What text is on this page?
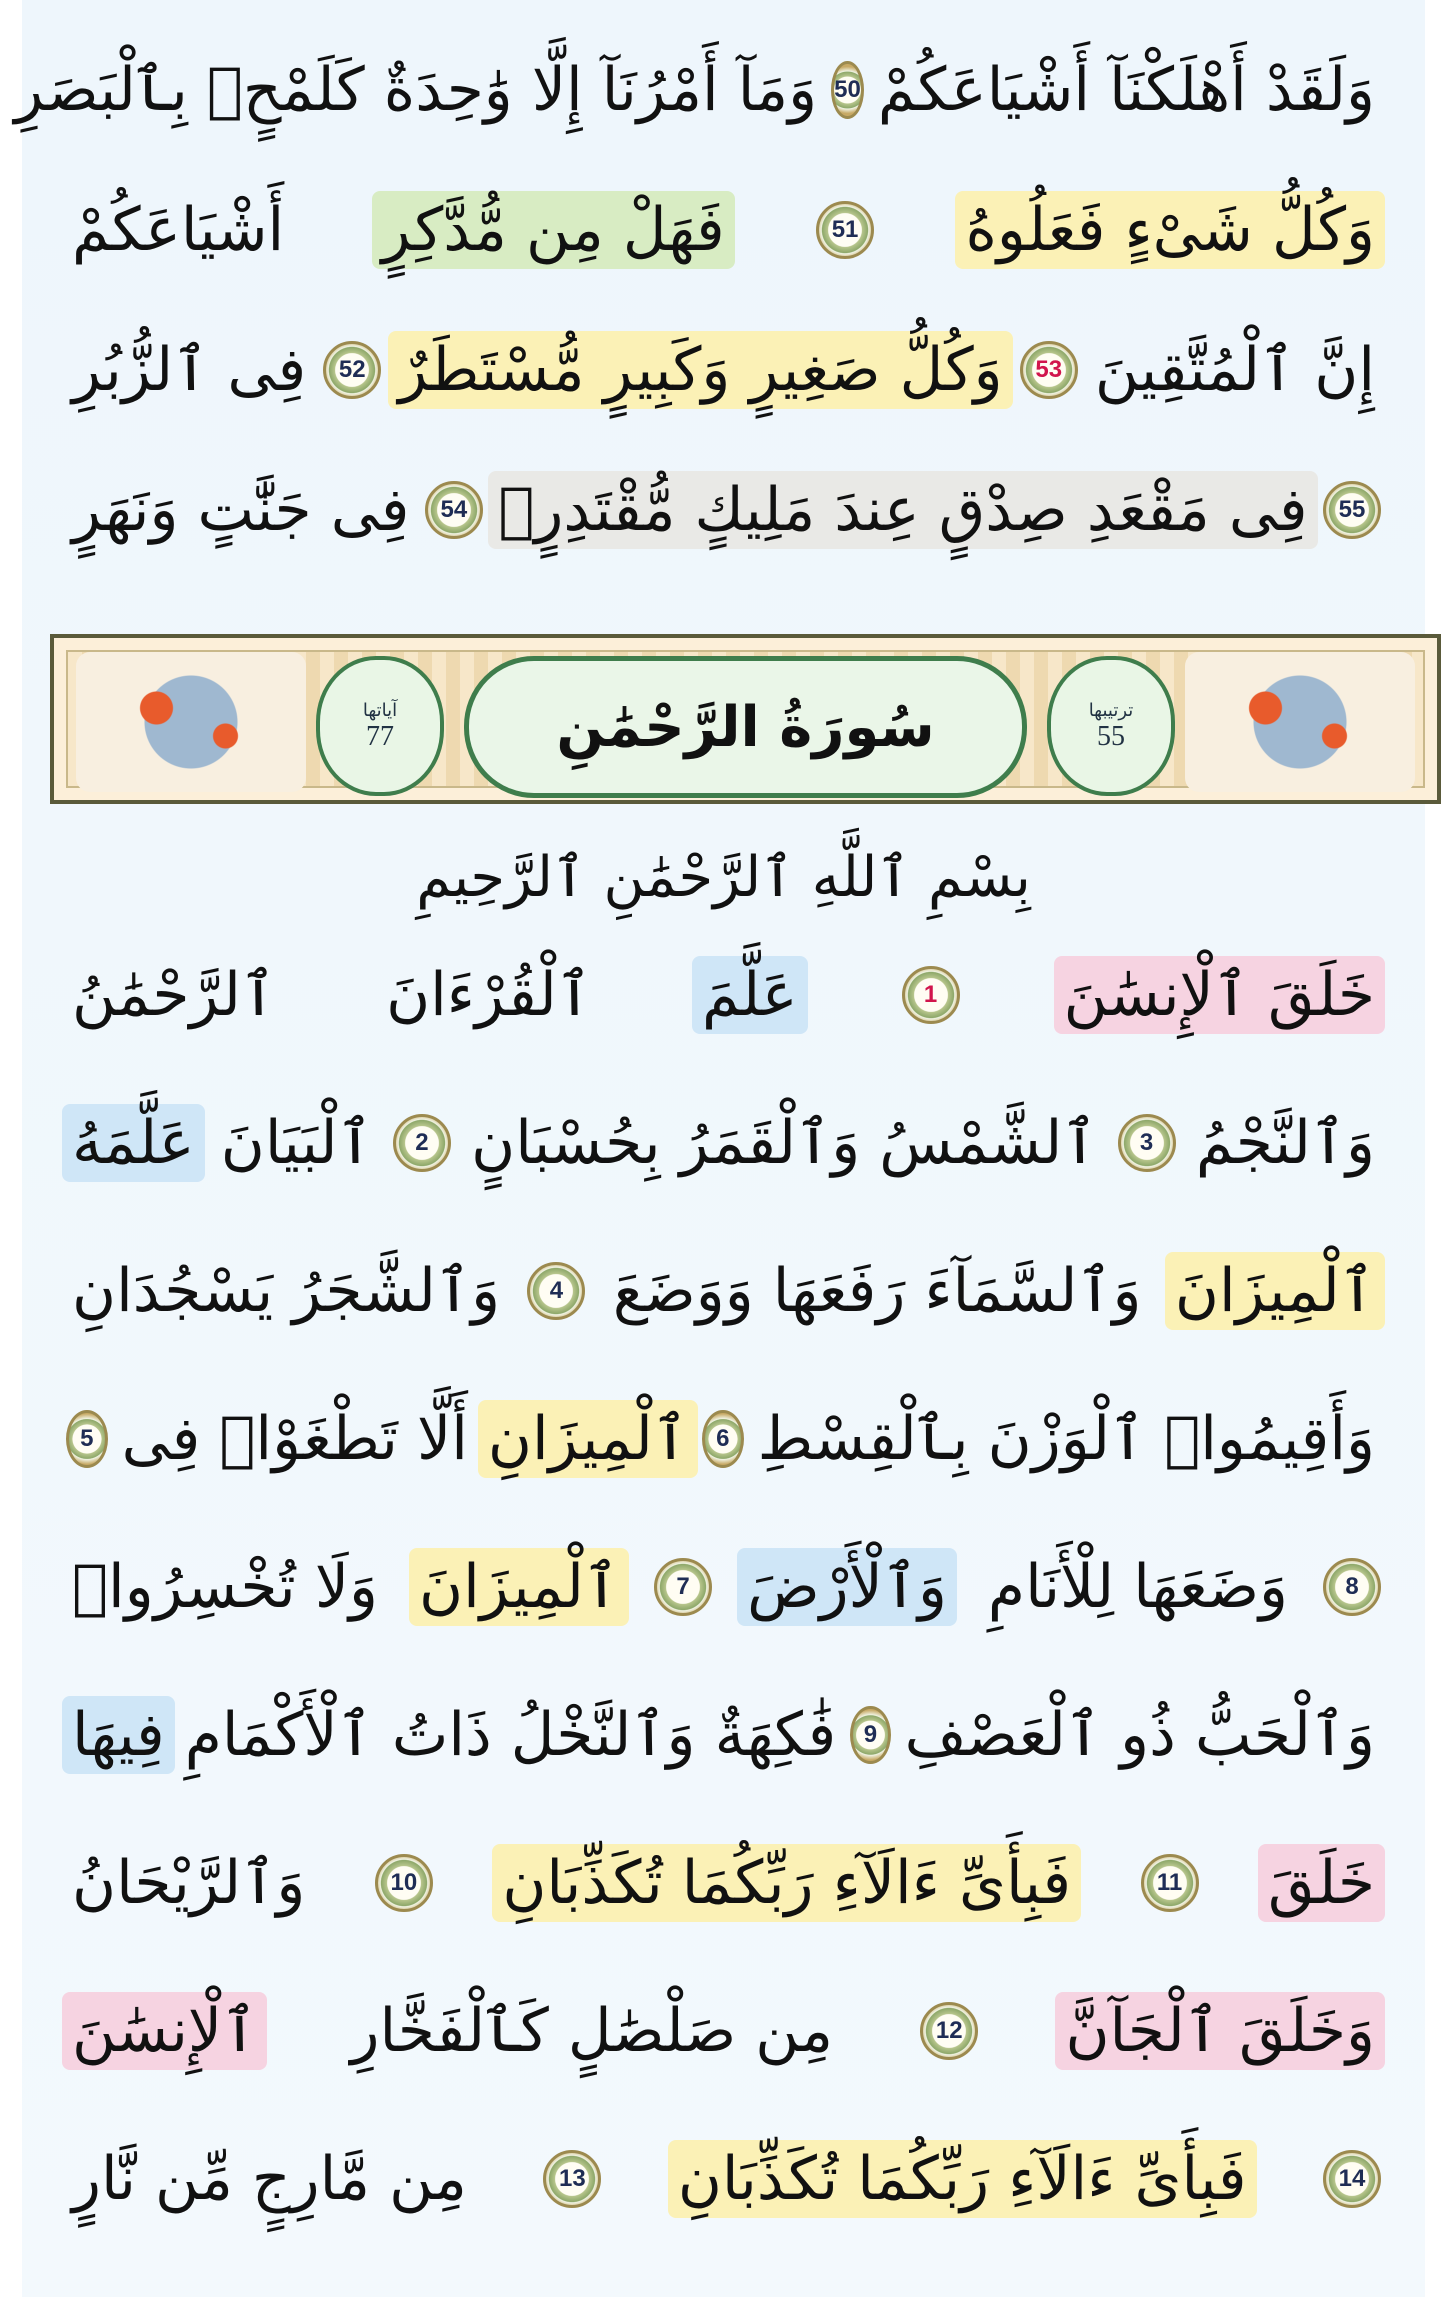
وَلَقَدْ أَهْلَكْنَآ أَشْيَاعَكُمْ
50
وَمَآ أَمْرُنَآ إِلَّا وَٰحِدَةٌ كَلَمْحٍۭ بِٱلْبَصَرِ
وَكُلُّ شَىْءٍ فَعَلُوهُ
51
فَهَلْ مِن مُّدَّكِرٍ
أَشْيَاعَكُمْ
إِنَّ ٱلْمُتَّقِينَ
53
وَكُلُّ صَغِيرٍ وَكَبِيرٍ مُّسْتَطَرٌ
52
فِى ٱلزُّبُرِ
55
فِى مَقْعَدِ صِدْقٍ عِندَ مَلِيكٍ مُّقْتَدِرٍۭ
54
فِى جَنَّٰتٍ وَنَهَرٍ
آياتها
77	سُورَةُ الرَّحْمَٰنِ	ترتيبها
55
بِسْمِ ٱللَّهِ ٱلرَّحْمَٰنِ ٱلرَّحِيمِ
خَلَقَ ٱلْإِنسَٰنَ
1
عَلَّمَ
ٱلْقُرْءَانَ
ٱلرَّحْمَٰنُ
وَٱلنَّجْمُ
3
ٱلشَّمْسُ وَٱلْقَمَرُ بِحُسْبَانٍ
2
ٱلْبَيَانَ
عَلَّمَهُ
ٱلْمِيزَانَ
وَٱلسَّمَآءَ رَفَعَهَا وَوَضَعَ
4
وَٱلشَّجَرُ يَسْجُدَانِ
وَأَقِيمُوا۟ ٱلْوَزْنَ بِٱلْقِسْطِ
6
ٱلْمِيزَانِ
أَلَّا تَطْغَوْا۟ فِى
5
8
وَضَعَهَا لِلْأَنَامِ
وَٱلْأَرْضَ
7
ٱلْمِيزَانَ
وَلَا تُخْسِرُوا۟
وَٱلْحَبُّ ذُو ٱلْعَصْفِ
9
فَٰكِهَةٌ وَٱلنَّخْلُ ذَاتُ ٱلْأَكْمَامِ
فِيهَا
خَلَقَ
11
فَبِأَىِّ ءَالَآءِ رَبِّكُمَا تُكَذِّبَانِ
10
وَٱلرَّيْحَانُ
وَخَلَقَ ٱلْجَآنَّ
12
مِن صَلْصَٰلٍ كَٱلْفَخَّارِ
ٱلْإِنسَٰنَ
14
فَبِأَىِّ ءَالَآءِ رَبِّكُمَا تُكَذِّبَانِ
13
مِن مَّارِجٍ مِّن نَّارٍ
